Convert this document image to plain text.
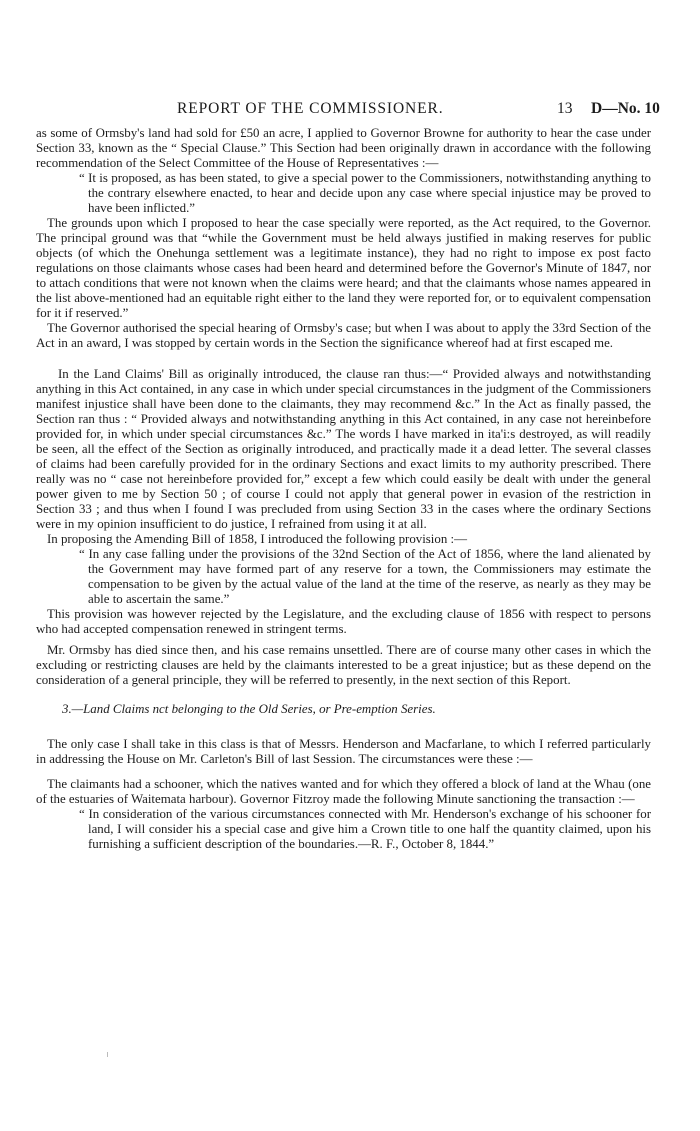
REPORT OF THE COMMISSIONER.	13 D—No. 10

as some of Ormsby's land had sold for £50 an acre, I applied to Governor Browne for authority to hear the case under Section 33, known as the “ Special Clause.” This Section had been originally drawn in accordance with the following recommendation of the Select Committee of the House of Representatives :—

“ It is proposed, as has been stated, to give a special power to the Commissioners, notwithstanding anything to the contrary elsewhere enacted, to hear and decide upon any case where special injustice may be proved to have been inflicted.”

The grounds upon which I proposed to hear the case specially were reported, as the Act required, to the Governor. The principal ground was that “while the Government must be held always justified in making reserves for public objects (of which the Onehunga settlement was a legitimate instance), they had no right to impose ex post facto regulations on those claimants whose cases had been heard and determined before the Governor's Minute of 1847, nor to attach conditions that were not known when the claims were heard; and that the claimants whose names appeared in the list above-mentioned had an equitable right either to the land they were reported for, or to equivalent compensation for it if reserved.”

The Governor authorised the special hearing of Ormsby's case; but when I was about to apply the 33rd Section of the Act in an award, I was stopped by certain words in the Section the significance whereof had at first escaped me.

In the Land Claims' Bill as originally introduced, the clause ran thus:—“ Provided always and notwithstanding anything in this Act contained, in any case in which under special circumstances in the judgment of the Commissioners manifest injustice shall have been done to the claimants, they may recommend &c.” In the Act as finally passed, the Section ran thus : “ Provided always and notwithstanding anything in this Act contained, in any case not hereinbefore provided for, in which under special circumstances &c.” The words I have marked in ita'i:s destroyed, as will readily be seen, all the effect of the Section as originally introduced, and practically made it a dead letter. The several classes of claims had been carefully provided for in the ordinary Sections and exact limits to my authority prescribed. There really was no “ case not hereinbefore provided for,” except a few which could easily be dealt with under the general power given to me by Section 50 ; of course I could not apply that general power in evasion of the restriction in Section 33 ; and thus when I found I was precluded from using Section 33 in the cases where the ordinary Sections were in my opinion insufficient to do justice, I refrained from using it at all.

In proposing the Amending Bill of 1858, I introduced the following provision :—

“ In any case falling under the provisions of the 32nd Section of the Act of 1856, where the land alienated by the Government may have formed part of any reserve for a town, the Commissioners may estimate the compensation to be given by the actual value of the land at the time of the reserve, as nearly as they may be able to ascertain the same.”

This provision was however rejected by the Legislature, and the excluding clause of 1856 with respect to persons who had accepted compensation renewed in stringent terms.

Mr. Ormsby has died since then, and his case remains unsettled. There are of course many other cases in which the excluding or restricting clauses are held by the claimants interested to be a great injustice; but as these depend on the consideration of a general principle, they will be referred to presently, in the next section of this Report.

3.—Land Claims nct belonging to the Old Series, or Pre-emption Series.

The only case I shall take in this class is that of Messrs. Henderson and Macfarlane, to which I referred particularly in addressing the House on Mr. Carleton's Bill of last Session. The circumstances were these :—

The claimants had a schooner, which the natives wanted and for which they offered a block of land at the Whau (one of the estuaries of Waitemata harbour). Governor Fitzroy made the following Minute sanctioning the transaction :—

“ In consideration of the various circumstances connected with Mr. Henderson's exchange of his schooner for land, I will consider his a special case and give him a Crown title to one half the quantity claimed, upon his furnishing a sufficient description of the boundaries.—R. F., October 8, 1844.”
